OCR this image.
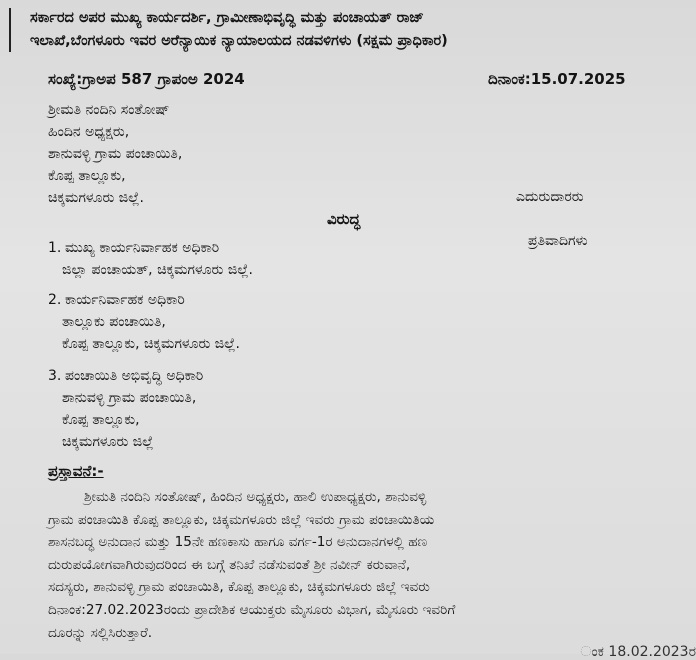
ಸರ್ಕಾರದ ಅಪರ ಮುಖ್ಯ ಕಾರ್ಯದರ್ಶಿ, ಗ್ರಾಮೀಣಾಭಿವೃದ್ಧಿ ಮತ್ತು ಪಂಚಾಯತ್ ರಾಜ್
ಇಲಾಖೆ,ಬೆಂಗಳೂರು ಇವರ ಅರೆನ್ಯಾಯಿಕ ನ್ಯಾಯಾಲಯದ ನಡವಳಿಗಳು (ಸಕ್ಷಮ ಪ್ರಾಧಿಕಾರ)
ಸಂಖ್ಯೆ:ಗ್ರಾಅಪ 587 ಗ್ರಾಪಂಅ 2024	ದಿನಾಂಕ:15.07.2025
ಶ್ರೀಮತಿ ನಂದಿನಿ ಸಂತೋಷ್
ಹಿಂದಿನ ಅಧ್ಯಕ್ಷರು,
ಶಾನುವಳ್ಳಿ ಗ್ರಾಮ ಪಂಚಾಯಿತಿ,
ಕೊಪ್ಪ ತಾಲ್ಲೂಕು,
ಚಿಕ್ಕಮಗಳೂರು ಜಿಲ್ಲೆ.	ಎದುರುದಾರರು
ವಿರುದ್ಧ
ಪ್ರತಿವಾದಿಗಳು
1. ಮುಖ್ಯ ಕಾರ್ಯನಿರ್ವಾಹಕ ಅಧಿಕಾರಿ
ಜಿಲ್ಲಾ ಪಂಚಾಯತ್, ಚಿಕ್ಕಮಗಳೂರು ಜಿಲ್ಲೆ.
2. ಕಾರ್ಯನಿರ್ವಾಹಕ ಅಧಿಕಾರಿ
ತಾಲ್ಲೂಕು ಪಂಚಾಯಿತಿ,
ಕೊಪ್ಪ ತಾಲ್ಲೂಕು, ಚಿಕ್ಕಮಗಳೂರು ಜಿಲ್ಲೆ.
3. ಪಂಚಾಯಿತಿ ಅಭಿವೃದ್ಧಿ ಅಧಿಕಾರಿ
ಶಾನುವಳ್ಳಿ ಗ್ರಾಮ ಪಂಚಾಯಿತಿ,
ಕೊಪ್ಪ ತಾಲ್ಲೂಕು,
ಚಿಕ್ಕಮಗಳೂರು ಜಿಲ್ಲೆ
ಪ್ರಸ್ತಾವನೆ:-
ಶ್ರೀಮತಿ ನಂದಿನಿ ಸಂತೋಷ್, ಹಿಂದಿನ ಅಧ್ಯಕ್ಷರು, ಹಾಲಿ ಉಪಾಧ್ಯಕ್ಷರು, ಶಾನುವಳ್ಳಿ
ಗ್ರಾಮ ಪಂಚಾಯಿತಿ ಕೊಪ್ಪ ತಾಲ್ಲೂಕು, ಚಿಕ್ಕಮಗಳೂರು ಜಿಲ್ಲೆ ಇವರು ಗ್ರಾಮ ಪಂಚಾಯಿತಿಯ
ಶಾಸನಬದ್ಧ ಅನುದಾನ ಮತ್ತು 15ನೇ ಹಣಕಾಸು ಹಾಗೂ ವರ್ಗ-1ರ ಅನುದಾನಗಳಲ್ಲಿ ಹಣ
ದುರುಪಯೋಗವಾಗಿರುವುದರಿಂದ ಈ ಬಗ್ಗೆ ತನಿಖೆ ನಡೆಸುವಂತೆ ಶ್ರೀ ನವೀನ್ ಕರುವಾನೆ,
ಸದಸ್ಯರು, ಶಾನುವಳ್ಳಿ ಗ್ರಾಮ ಪಂಚಾಯಿತಿ, ಕೊಪ್ಪ ತಾಲ್ಲೂಕು, ಚಿಕ್ಕಮಗಳೂರು ಜಿಲ್ಲೆ ಇವರು
ದಿನಾಂಕ:27.02.2023ರಂದು ಪ್ರಾದೇಶಿಕ ಆಯುಕ್ತರು ಮೈಸೂರು ವಿಭಾಗ, ಮೈಸೂರು ಇವರಿಗೆ
ದೂರನ್ನು ಸಲ್ಲಿಸಿರುತ್ತಾರೆ.
ಂಕ 18.02.2023ರ
